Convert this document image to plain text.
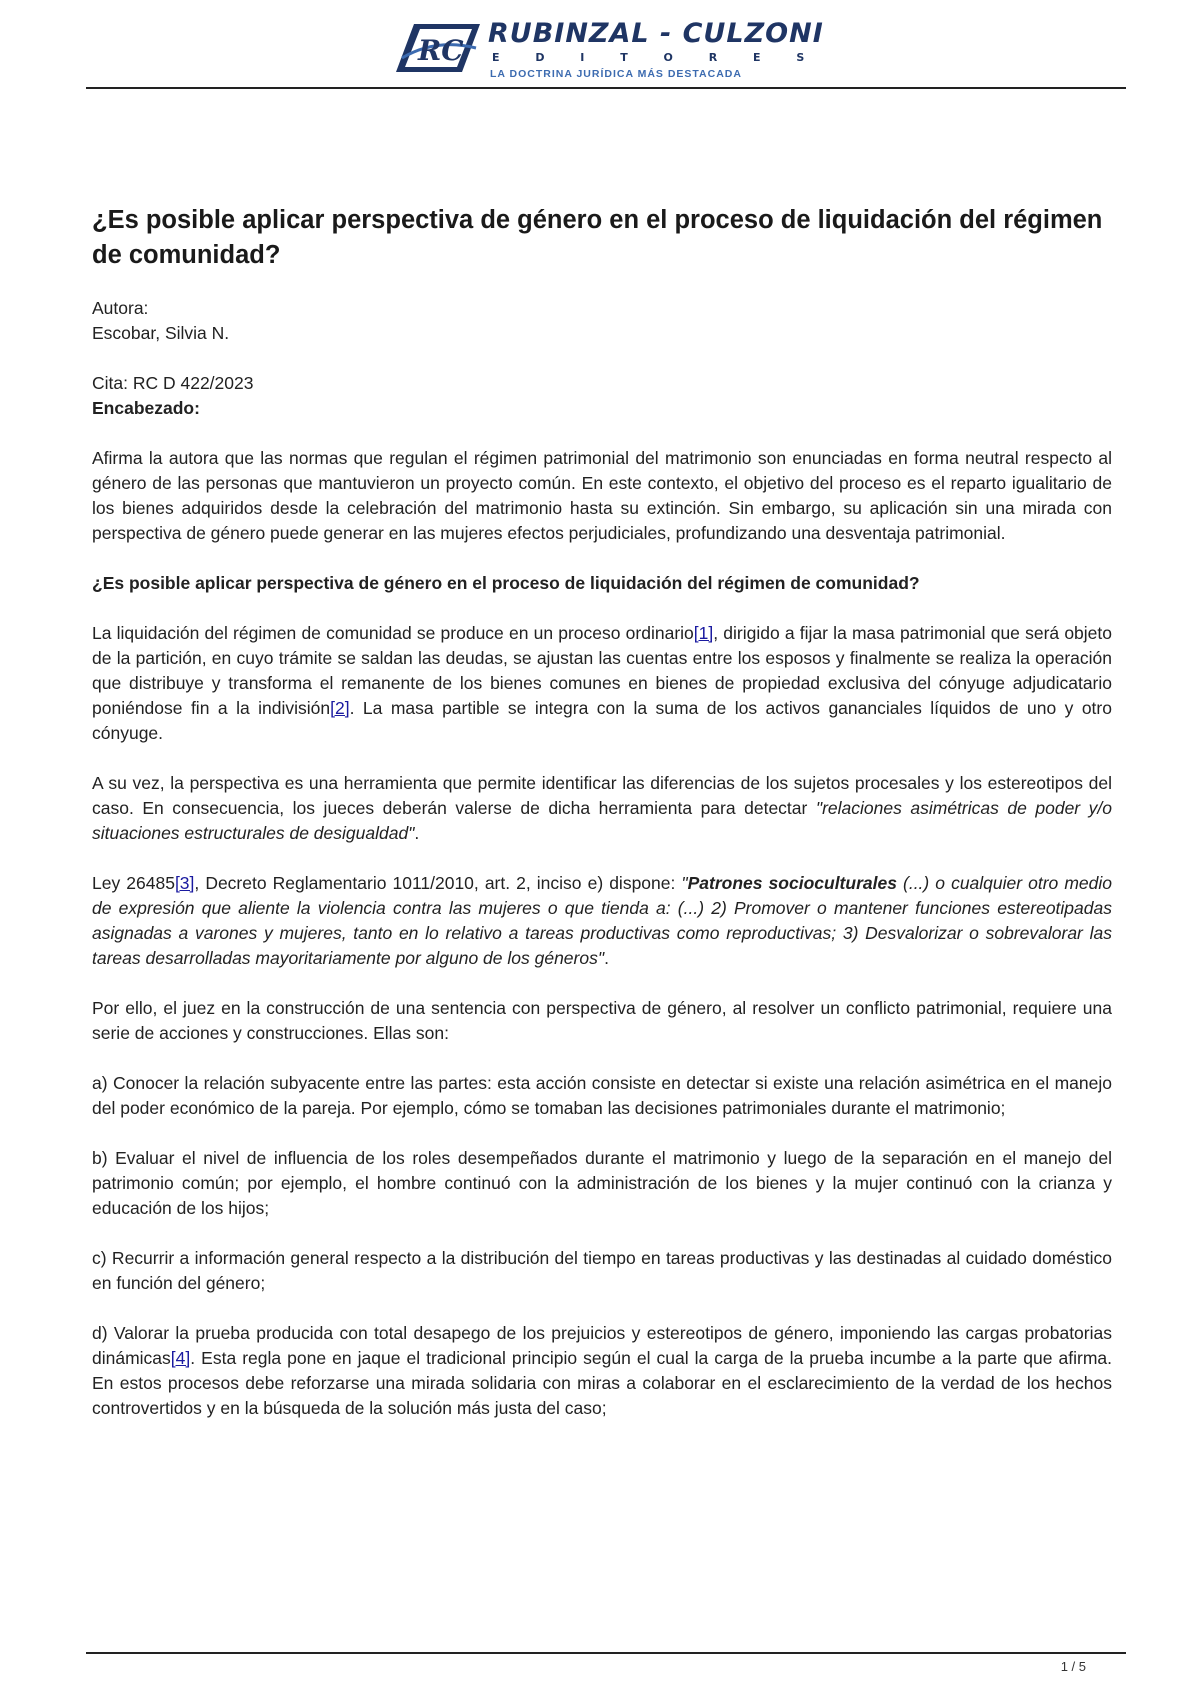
RC
RUBINZAL - CULZONI
E D I T O R E S
LA DOCTRINA JURÍDICA MÁS DESTACADA
¿Es posible aplicar perspectiva de género en el proceso de liquidación del régimen de comunidad?
Autora:
Escobar, Silvia N.
Cita: RC D 422/2023
Encabezado:

Afirma la autora que las normas que regulan el régimen patrimonial del matrimonio son enunciadas en forma neutral respecto al género de las personas que mantuvieron un proyecto común. En este contexto, el objetivo del proceso es el reparto igualitario de los bienes adquiridos desde la celebración del matrimonio hasta su extinción. Sin embargo, su aplicación sin una mirada con perspectiva de género puede generar en las mujeres efectos perjudiciales, profundizando una desventaja patrimonial.

¿Es posible aplicar perspectiva de género en el proceso de liquidación del régimen de comunidad?

La liquidación del régimen de comunidad se produce en un proceso ordinario[1], dirigido a fijar la masa patrimonial que será objeto de la partición, en cuyo trámite se saldan las deudas, se ajustan las cuentas entre los esposos y finalmente se realiza la operación que distribuye y transforma el remanente de los bienes comunes en bienes de propiedad exclusiva del cónyuge adjudicatario poniéndose fin a la indivisión[2]. La masa partible se integra con la suma de los activos gananciales líquidos de uno y otro cónyuge.

A su vez, la perspectiva es una herramienta que permite identificar las diferencias de los sujetos procesales y los estereotipos del caso. En consecuencia, los jueces deberán valerse de dicha herramienta para detectar "relaciones asimétricas de poder y/o situaciones estructurales de desigualdad".

Ley 26485[3], Decreto Reglamentario 1011/2010, art. 2, inciso e) dispone: "Patrones socioculturales (...) o cualquier otro medio de expresión que aliente la violencia contra las mujeres o que tienda a: (...) 2) Promover o mantener funciones estereotipadas asignadas a varones y mujeres, tanto en lo relativo a tareas productivas como reproductivas; 3) Desvalorizar o sobrevalorar las tareas desarrolladas mayoritariamente por alguno de los géneros".

Por ello, el juez en la construcción de una sentencia con perspectiva de género, al resolver un conflicto patrimonial, requiere una serie de acciones y construcciones. Ellas son:

a) Conocer la relación subyacente entre las partes: esta acción consiste en detectar si existe una relación asimétrica en el manejo del poder económico de la pareja. Por ejemplo, cómo se tomaban las decisiones patrimoniales durante el matrimonio;

b) Evaluar el nivel de influencia de los roles desempeñados durante el matrimonio y luego de la separación en el manejo del patrimonio común; por ejemplo, el hombre continuó con la administración de los bienes y la mujer continuó con la crianza y educación de los hijos;

c) Recurrir a información general respecto a la distribución del tiempo en tareas productivas y las destinadas al cuidado doméstico en función del género;

d) Valorar la prueba producida con total desapego de los prejuicios y estereotipos de género, imponiendo las cargas probatorias dinámicas[4]. Esta regla pone en jaque el tradicional principio según el cual la carga de la prueba incumbe a la parte que afirma. En estos procesos debe reforzarse una mirada solidaria con miras a colaborar en el esclarecimiento de la verdad de los hechos controvertidos y en la búsqueda de la solución más justa del caso;

1 / 5
